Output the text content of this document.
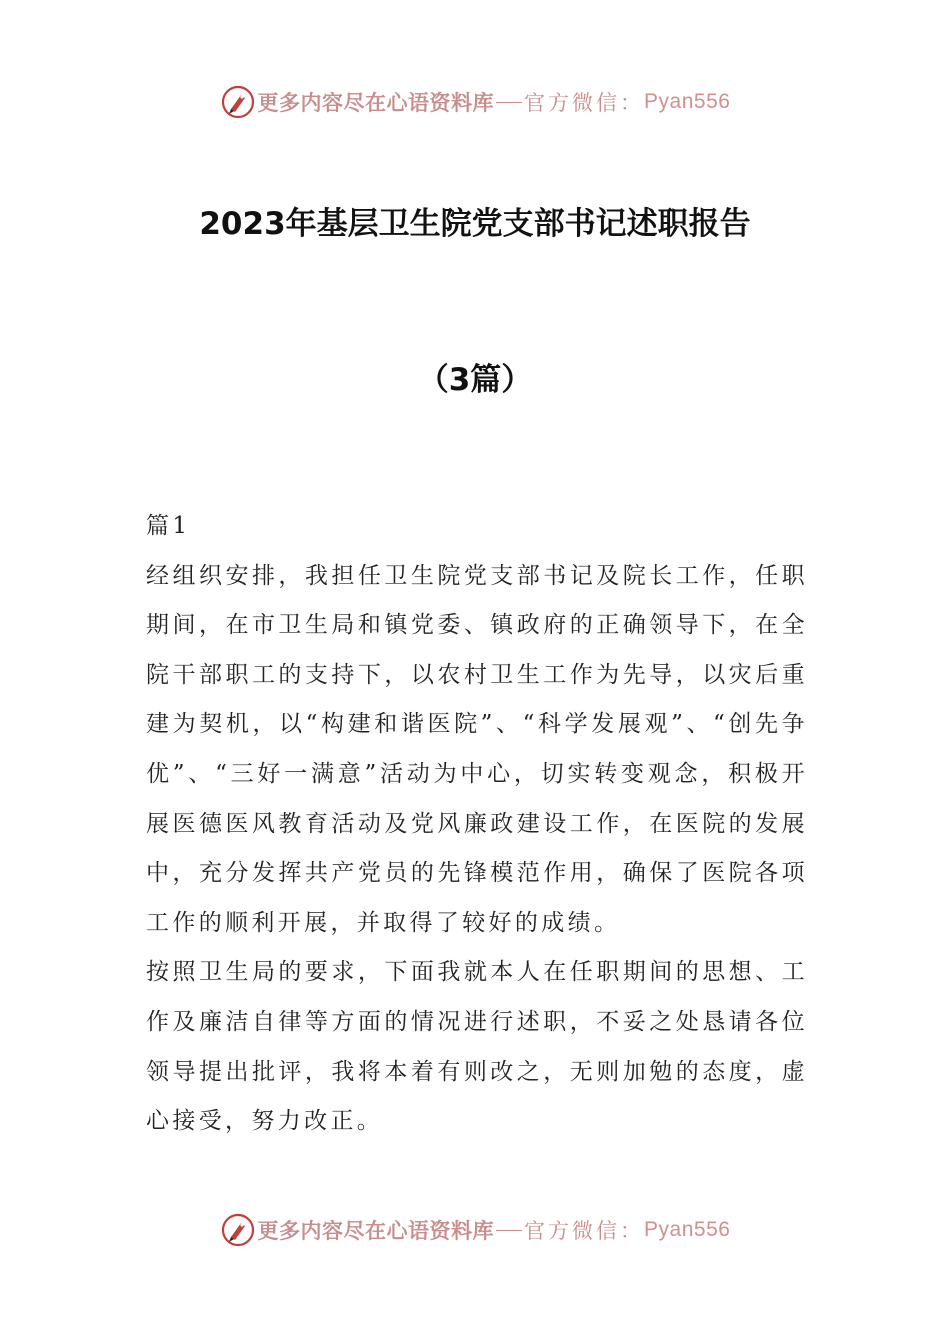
更多内容尽在心语资料库 官方微信： Pyan556
2023年基层卫生院党支部书记述职报告
（3篇）

篇1

经组织安排，我担任卫生院党支部书记及院长工作，任职期间，在市卫生局和镇党委、镇政府的正确领导下，在全院干部职工的支持下，以农村卫生工作为先导，以灾后重建为契机，以“构建和谐医院”、“科学发展观”、“创先争优”、“三好一满意”活动为中心，切实转变观念，积极开展医德医风教育活动及党风廉政建设工作，在医院的发展中，充分发挥共产党员的先锋模范作用，确保了医院各项工作的顺利开展，并取得了较好的成绩。

按照卫生局的要求，下面我就本人在任职期间的思想、工作及廉洁自律等方面的情况进行述职，不妥之处恳请各位领导提出批评，我将本着有则改之，无则加勉的态度，虚心接受，努力改正。

更多内容尽在心语资料库 官方微信： Pyan556
